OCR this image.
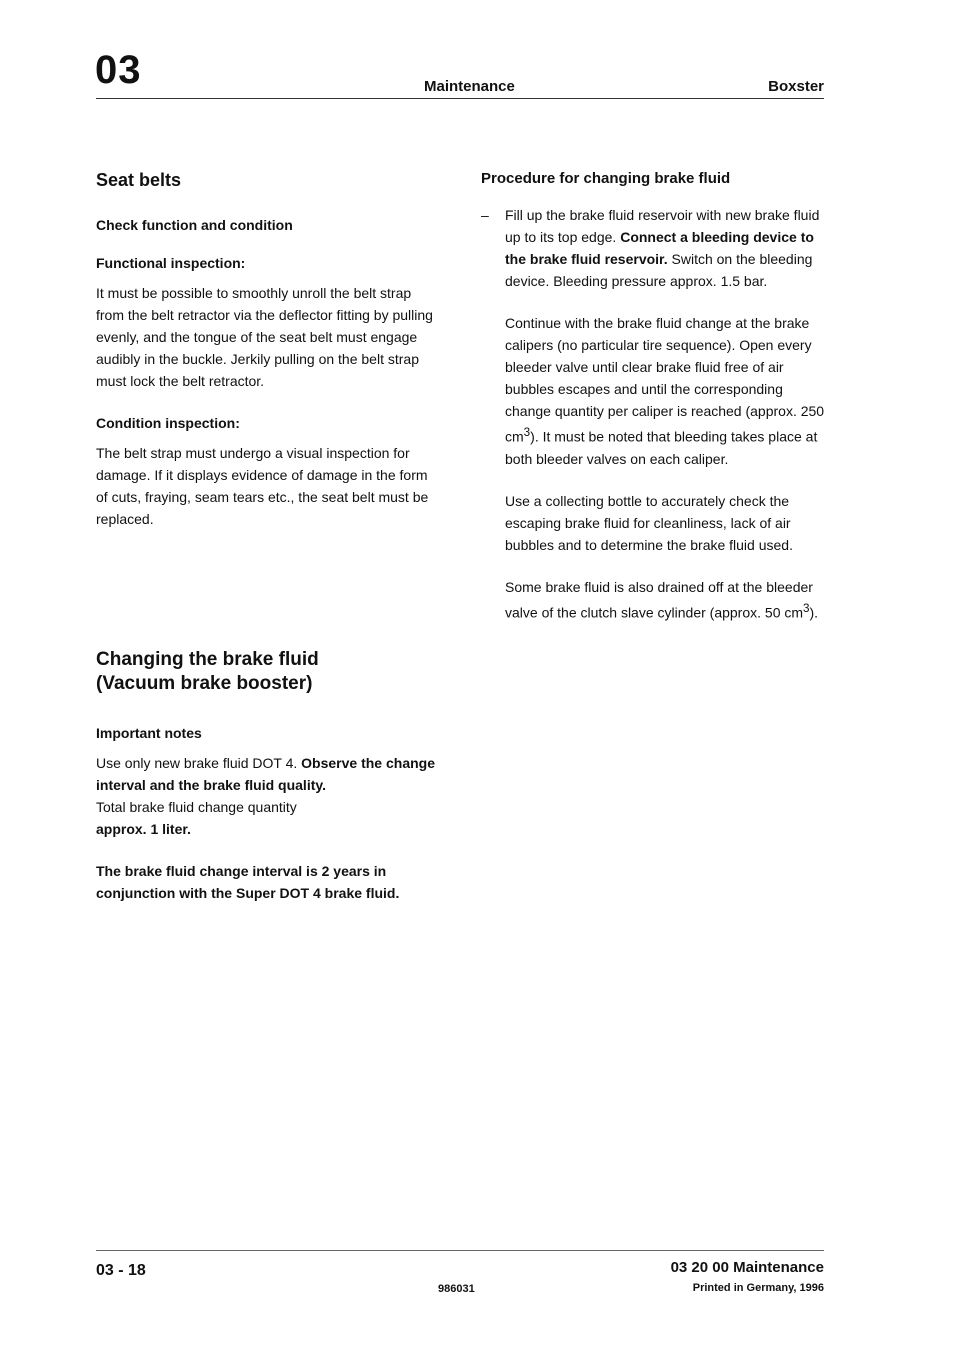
03	Maintenance	Boxster
Seat belts
Check function and condition
Functional inspection:

It must be possible to smoothly unroll the belt strap from the belt retractor via the deflector fitting by pulling evenly, and the tongue of the seat belt must engage audibly in the buckle. Jerkily pulling on the belt strap must lock the belt retractor.

Condition inspection:

The belt strap must undergo a visual inspection for damage. If it displays evidence of damage in the form of cuts, fraying, seam tears etc., the seat belt must be replaced.

Changing the brake fluid
(Vacuum brake booster)
Important notes

Use only new brake fluid DOT 4. Observe the change interval and the brake fluid quality.
Total brake fluid change quantity
approx. 1 liter.

The brake fluid change interval is 2 years in conjunction with the Super DOT 4 brake fluid.

Procedure for changing brake fluid

– Fill up the brake fluid reservoir with new brake fluid up to its top edge. Connect a bleeding device to the brake fluid reservoir. Switch on the bleeding device. Bleeding pressure approx. 1.5 bar.

Continue with the brake fluid change at the brake calipers (no particular tire sequence). Open every bleeder valve until clear brake fluid free of air bubbles escapes and until the corresponding change quantity per caliper is reached (approx. 250 $cm^3$). It must be noted that bleeding takes place at both bleeder valves on each caliper.

Use a collecting bottle to accurately check the escaping brake fluid for cleanliness, lack of air bubbles and to determine the brake fluid used.

Some brake fluid is also drained off at the bleeder valve of the clutch slave cylinder (approx. 50 $cm^3$).

03 - 18
986031
03 20 00 Maintenance
Printed in Germany, 1996
